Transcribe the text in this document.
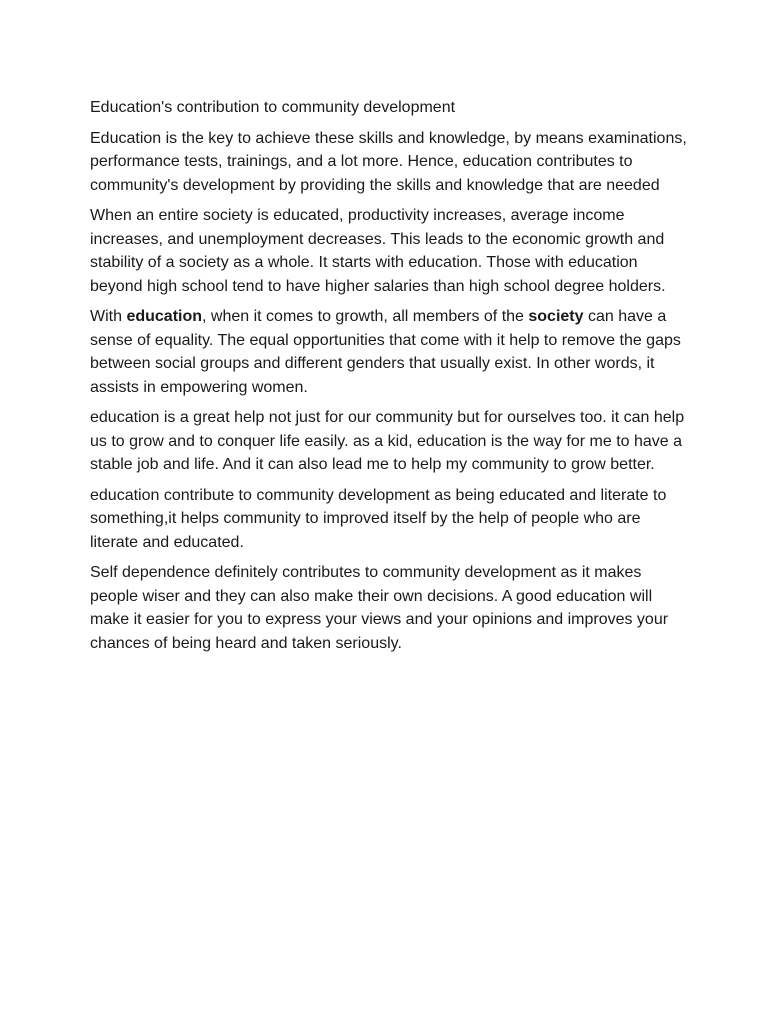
Education's contribution to community development

Education is the key to achieve these skills and knowledge, by means examinations, performance tests, trainings, and a lot more. Hence, education contributes to community's development by providing the skills and knowledge that are needed

When an entire society is educated, productivity increases, average income increases, and unemployment decreases. This leads to the economic growth and stability of a society as a whole. It starts with education. Those with education beyond high school tend to have higher salaries than high school degree holders.

With education, when it comes to growth, all members of the society can have a sense of equality. The equal opportunities that come with it help to remove the gaps between social groups and different genders that usually exist. In other words, it assists in empowering women.

education is a great help not just for our community but for ourselves too. it can help us to grow and to conquer life easily. as a kid, education is the way for me to have a stable job and life. And it can also lead me to help my community to grow better.

education contribute to community development as being educated and literate to something,it helps community to improved itself by the help of people who are literate and educated.

Self dependence definitely contributes to community development as it makes people wiser and they can also make their own decisions. A good education will make it easier for you to express your views and your opinions and improves your chances of being heard and taken seriously.
